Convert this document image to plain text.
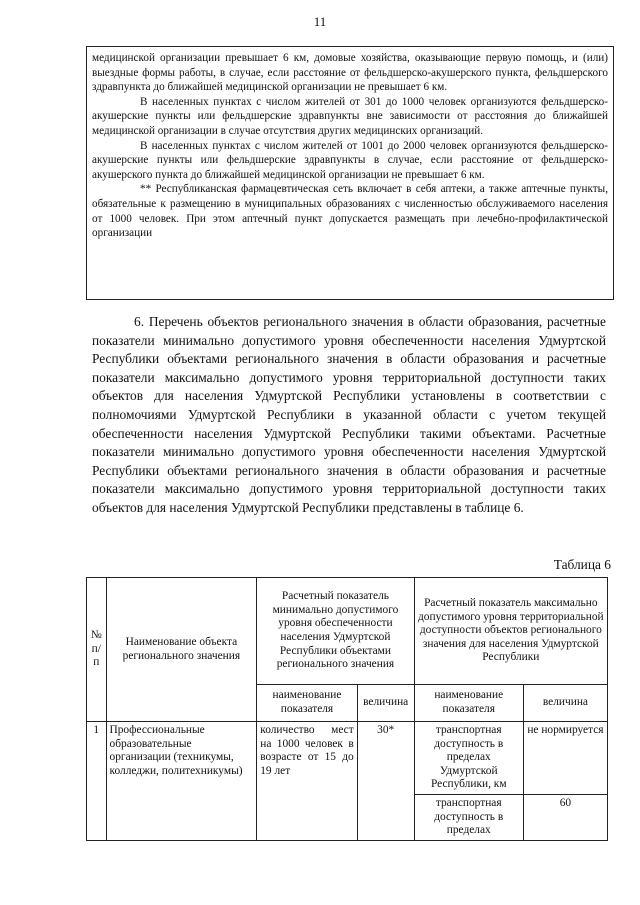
11

медицинской организации превышает 6 км, домовые хозяйства, оказывающие первую помощь, и (или) выездные формы работы, в случае, если расстояние от фельдшерско-акушерского пункта, фельдшерского здравпункта до ближайшей медицинской организации не превышает 6 км.

В населенных пунктах с числом жителей от 301 до 1000 человек организуются фельдшерско-акушерские пункты или фельдшерские здравпункты вне зависимости от расстояния до ближайшей медицинской организации в случае отсутствия других медицинских организаций.

В населенных пунктах с числом жителей от 1001 до 2000 человек организуются фельдшерско-акушерские пункты или фельдшерские здравпункты в случае, если расстояние от фельдшерско-акушерского пункта до ближайшей медицинской организации не превышает 6 км.

** Республиканская фармацевтическая сеть включает в себя аптеки, а также аптечные пункты, обязательные к размещению в муниципальных образованиях с численностью обслуживаемого населения от 1000 человек. При этом аптечный пункт допускается размещать при лечебно-профилактической организации

6. Перечень объектов регионального значения в области образования, расчетные показатели минимально допустимого уровня обеспеченности населения Удмуртской Республики объектами регионального значения в области образования и расчетные показатели максимально допустимого уровня территориальной доступности таких объектов для населения Удмуртской Республики установлены в соответствии с полномочиями Удмуртской Республики в указанной области с учетом текущей обеспеченности населения Удмуртской Республики такими объектами. Расчетные показатели минимально допустимого уровня обеспеченности населения Удмуртской Республики объектами регионального значения в области образования и расчетные показатели максимально допустимого уровня территориальной доступности таких объектов для населения Удмуртской Республики представлены в таблице 6.

Таблица 6
№ п/п	Наименование объекта регионального значения	Расчетный показатель минимально допустимого уровня обеспеченности населения Удмуртской Республики объектами регионального значения		Расчетный показатель максимально допустимого уровня территориальной доступности объектов регионального значения для населения Удмуртской Республики	
		наименование показателя	величина	наименование показателя	величина
1	Профессиональные образовательные организации (техникумы, колледжи, политехникумы)	количество мест на 1000 человек в возрасте от 15 до 19 лет	30*	транспортная доступность в пределах Удмуртской Республики, км	не нормируется
				транспортная доступность в пределах	60
